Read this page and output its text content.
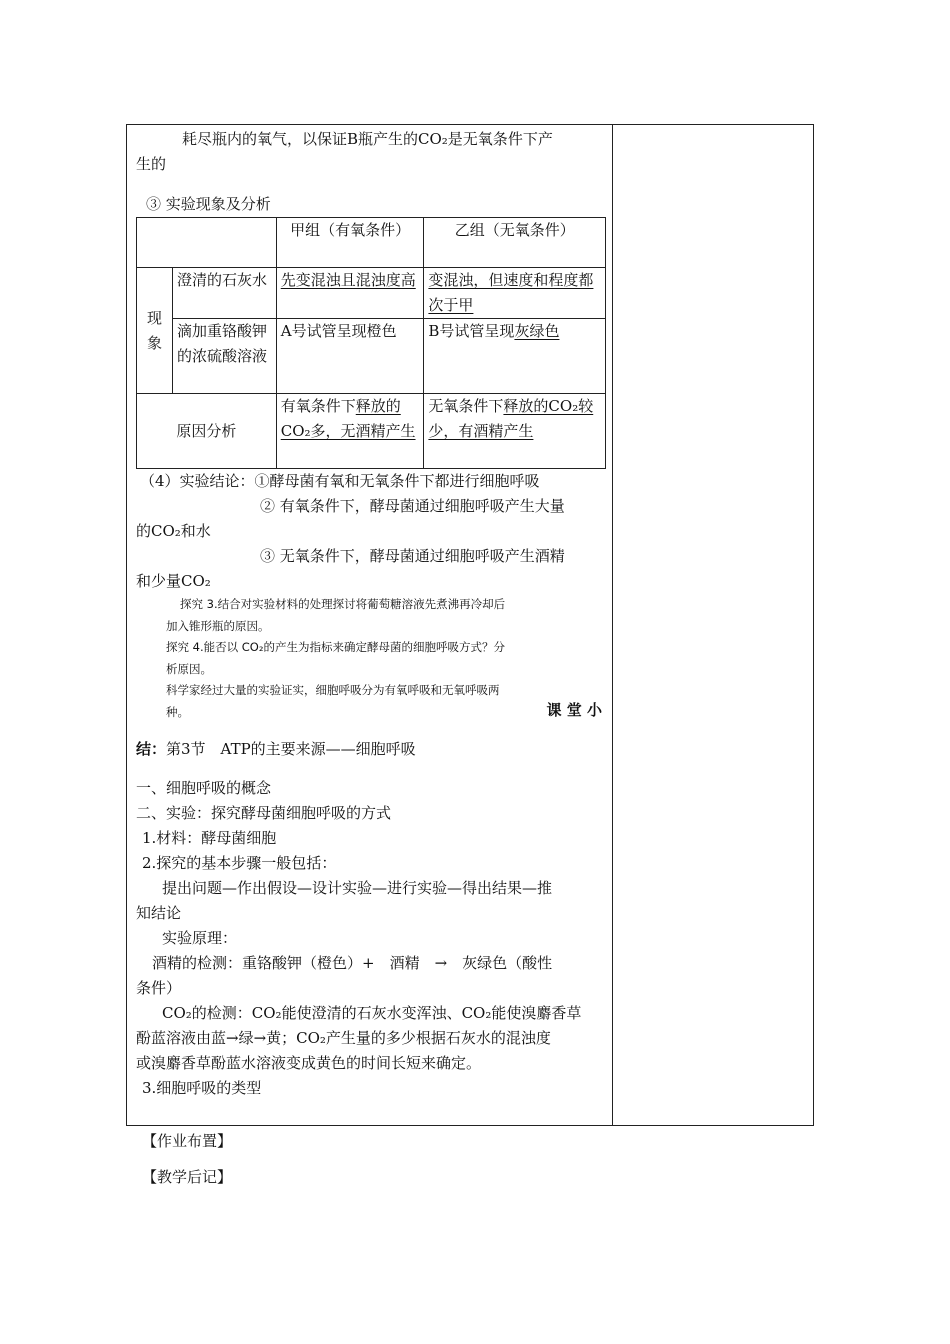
耗尽瓶内的氧气，以保证B瓶产生的CO₂是无氧条件下产

生的

③ 实验现象及分析

		甲组（有氧条件）	乙组（无氧条件）
现象	澄清的石灰水	先变混浊且混浊度高	变混浊，但速度和程度都次于甲
	滴加重铬酸钾的浓硫酸溶液	A号试管呈现橙色	B号试管呈现灰绿色
原因分析		有氧条件下释放的CO₂多，无酒精产生	无氧条件下释放的CO₂较少，有酒精产生

（4）实验结论：①酵母菌有氧和无氧条件下都进行细胞呼吸

② 有氧条件下，酵母菌通过细胞呼吸产生大量

的CO₂和水

③ 无氧条件下，酵母菌通过细胞呼吸产生酒精

和少量CO₂

探究 3.结合对实验材料的处理探讨将葡萄糖溶液先煮沸再冷却后

加入锥形瓶的原因。

探究 4.能否以 CO₂的产生为指标来确定酵母菌的细胞呼吸方式？分

析原因。

科学家经过大量的实验证实，细胞呼吸分为有氧呼吸和无氧呼吸两

种。	课 堂 小

结：第3节　ATP的主要来源——细胞呼吸

一、细胞呼吸的概念

二、实验：探究酵母菌细胞呼吸的方式

1.材料：酵母菌细胞

2.探究的基本步骤一般包括：

提出问题—作出假设—设计实验—进行实验—得出结果—推

知结论

实验原理：

酒精的检测：重铬酸钾（橙色）+　酒精　→　灰绿色（酸性

条件）

CO₂的检测：CO₂能使澄清的石灰水变浑浊、CO₂能使溴麝香草

酚蓝溶液由蓝→绿→黄；CO₂产生量的多少根据石灰水的混浊度

或溴麝香草酚蓝水溶液变成黄色的时间长短来确定。

3.细胞呼吸的类型

【作业布置】
【教学后记】
